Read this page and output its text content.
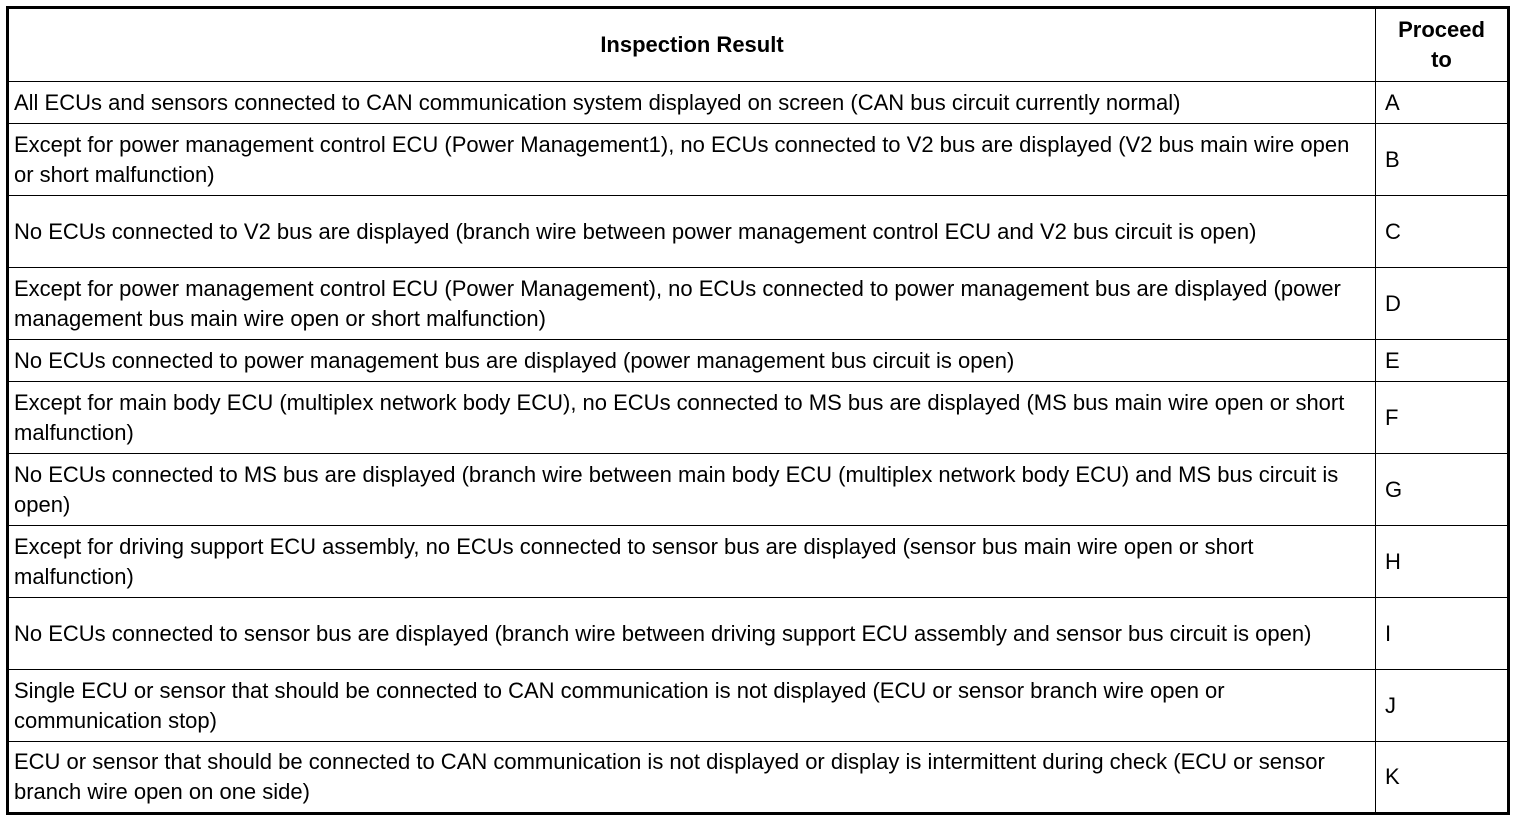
Inspection Result	Proceed
to
All ECUs and sensors connected to CAN communication system displayed on screen (CAN bus circuit currently normal)	A
Except for power management control ECU (Power Management1), no ECUs connected to V2 bus are displayed (V2 bus main wire open or short malfunction)	B
No ECUs connected to V2 bus are displayed (branch wire between power management control ECU and V2 bus circuit is open)	C
Except for power management control ECU (Power Management), no ECUs connected to power management bus are displayed (power management bus main wire open or short malfunction)	D
No ECUs connected to power management bus are displayed (power management bus circuit is open)	E
Except for main body ECU (multiplex network body ECU), no ECUs connected to MS bus are displayed (MS bus main wire open or short malfunction)	F
No ECUs connected to MS bus are displayed (branch wire between main body ECU (multiplex network body ECU) and MS bus circuit is open)	G
Except for driving support ECU assembly, no ECUs connected to sensor bus are displayed (sensor bus main wire open or short malfunction)	H
No ECUs connected to sensor bus are displayed (branch wire between driving support ECU assembly and sensor bus circuit is open)	I
Single ECU or sensor that should be connected to CAN communication is not displayed (ECU or sensor branch wire open or communication stop)	J
ECU or sensor that should be connected to CAN communication is not displayed or display is intermittent during check (ECU or sensor branch wire open on one side)	K
